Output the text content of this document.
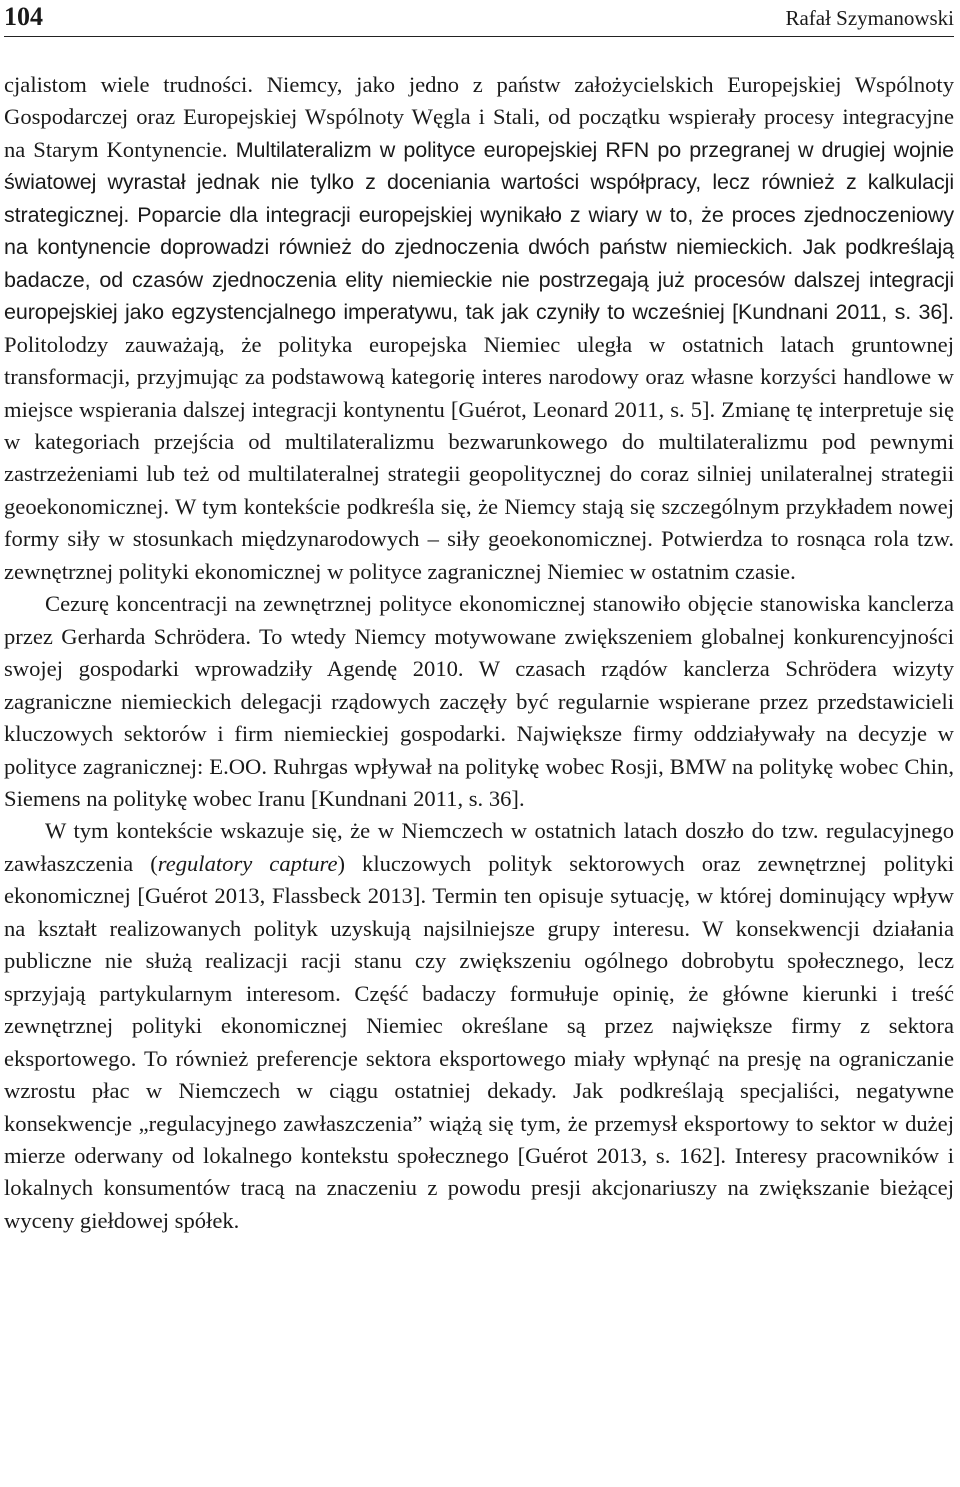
104	Rafał Szymanowski

cjalistom wiele trudności. Niemcy, jako jedno z państw założycielskich Europejskiej Wspólnoty Gospodarczej oraz Europejskiej Wspólnoty Węgla i Stali, od początku wspierały procesy integracyjne na Starym Kontynencie. Multilateralizm w polityce europejskiej RFN po przegranej w drugiej wojnie światowej wyrastał jednak nie tylko z doceniania wartości współpracy, lecz również z kalkulacji strategicznej. Poparcie dla integracji europejskiej wynikało z wiary w to, że proces zjednoczeniowy na kontynencie doprowadzi również do zjednoczenia dwóch państw niemieckich. Jak podkreślają badacze, od czasów zjednoczenia elity niemieckie nie postrzegają już procesów dalszej integracji europejskiej jako egzystencjalnego imperatywu, tak jak czyniły to wcześniej [Kundnani 2011, s. 36]. Politolodzy zauważają, że polityka europejska Niemiec uległa w ostatnich latach gruntownej transformacji, przyjmując za podstawową kategorię interes narodowy oraz własne korzyści handlowe w miejsce wspierania dalszej integracji kontynentu [Guérot, Leonard 2011, s. 5]. Zmianę tę interpretuje się w kategoriach przejścia od multilateralizmu bezwarunkowego do multilateralizmu pod pewnymi zastrzeżeniami lub też od multilateralnej strategii geopolitycznej do coraz silniej unilateralnej strategii geoekonomicznej. W tym kontekście podkreśla się, że Niemcy stają się szczególnym przykładem nowej formy siły w stosunkach międzynarodowych – siły geoekonomicznej. Potwierdza to rosnąca rola tzw. zewnętrznej polityki ekonomicznej w polityce zagranicznej Niemiec w ostatnim czasie.

Cezurę koncentracji na zewnętrznej polityce ekonomicznej stanowiło objęcie stanowiska kanclerza przez Gerharda Schrödera. To wtedy Niemcy motywowane zwiększeniem globalnej konkurencyjności swojej gospodarki wprowadziły Agendę 2010. W czasach rządów kanclerza Schrödera wizyty zagraniczne niemieckich delegacji rządowych zaczęły być regularnie wspierane przez przedstawicieli kluczowych sektorów i firm niemieckiej gospodarki. Największe firmy oddziaływały na decyzje w polityce zagranicznej: E.OO. Ruhrgas wpływał na politykę wobec Rosji, BMW na politykę wobec Chin, Siemens na politykę wobec Iranu [Kundnani 2011, s. 36].

W tym kontekście wskazuje się, że w Niemczech w ostatnich latach doszło do tzw. regulacyjnego zawłaszczenia (regulatory capture) kluczowych polityk sektorowych oraz zewnętrznej polityki ekonomicznej [Guérot 2013, Flassbeck 2013]. Termin ten opisuje sytuację, w której dominujący wpływ na kształt realizowanych polityk uzyskują najsilniejsze grupy interesu. W konsekwencji działania publiczne nie służą realizacji racji stanu czy zwiększeniu ogólnego dobrobytu społecznego, lecz sprzyjają partykularnym interesom. Część badaczy formułuje opinię, że główne kierunki i treść zewnętrznej polityki ekonomicznej Niemiec określane są przez największe firmy z sektora eksportowego. To również preferencje sektora eksportowego miały wpłynąć na presję na ograniczanie wzrostu płac w Niemczech w ciągu ostatniej dekady. Jak podkreślają specjaliści, negatywne konsekwencje „regulacyjnego zawłaszczenia” wiążą się tym, że przemysł eksportowy to sektor w dużej mierze oderwany od lokalnego kontekstu społecznego [Guérot 2013, s. 162]. Interesy pracowników i lokalnych konsumentów tracą na znaczeniu z powodu presji akcjonariuszy na zwiększanie bieżącej wyceny giełdowej spółek.
